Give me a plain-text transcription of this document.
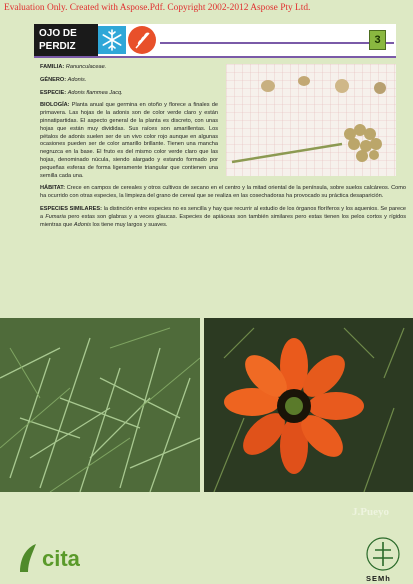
Evaluation Only. Created with Aspose.Pdf. Copyright 2002-2012 Aspose Pty Ltd.
OJO DE
PERDIZ
3

FAMILIA: Ranunculaceae.

GÉNERO: Adonis.

ESPECIE: Adonis flammea Jacq.

BIOLOGÍA: Planta anual que germina en otoño y florece a finales de primavera. Las hojas de la adonis son de color verde claro y están pinnatipartidas. El aspecto general de la planta es discreto, con unas hojas que están muy divididas. Sus raíces son amarillentas. Los pétalos de adonis suelen ser de un vivo color rojo aunque en algunas ocasiones pueden ser de color amarillo brillante. Tienen una mancha negruzca en la base. El fruto es del mismo color verde claro que las hojas, denominado núcula, siendo alargado y estando formado por pequeñas esferas de forma ligeramente triangular que contienen una semilla cada una.

HÁBITAT: Crece en campos de cereales y otros cultivos de secano en el centro y la mitad oriental de la península, sobre suelos calcáreos. Como ha ocurrido con otras especies, la limpieza del grano de cereal que se realiza en las cosechadoras ha provocado su práctica desaparición.

ESPECIES SIMILARES: la distinción entre especies no es sencilla y hay que recurrir al estudio de los órganos floríferos y los aquenios. Se parece a Fumaria pero estas son glabras y a veces glaucas. Especies de apiáceas son también similares pero estas tienen los pelos cortos y rígidos mientras que Adonis los tiene muy largos y suaves.

J.Pueyo
cita
SEMh
